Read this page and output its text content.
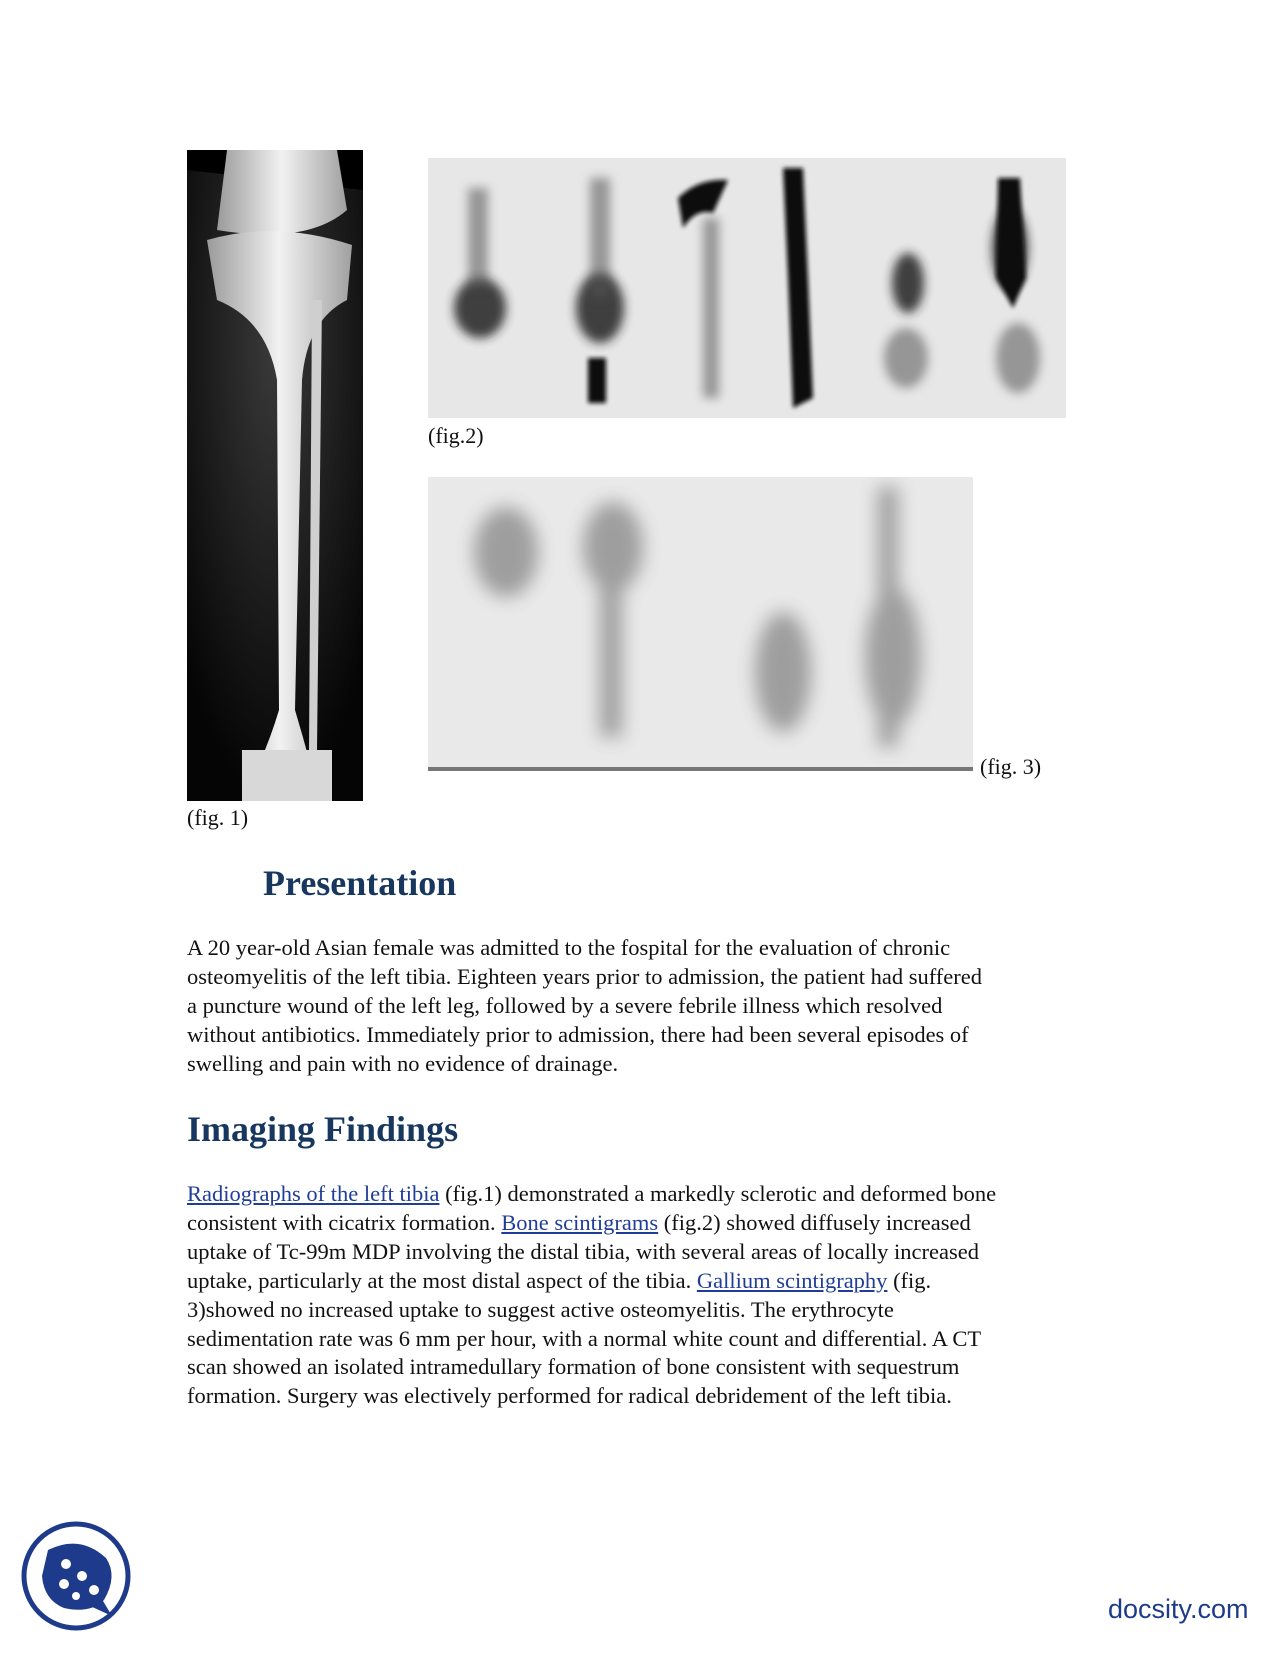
(fig. 1)
(fig.2)
(fig. 3)
Presentation
A 20 year-old Asian female was admitted to the fospital for the evaluation of chronic
osteomyelitis of the left tibia. Eighteen years prior to admission, the patient had suffered
a puncture wound of the left leg, followed by a severe febrile illness which resolved
without antibiotics. Immediately prior to admission, there had been several episodes of
swelling and pain with no evidence of drainage.
Imaging Findings
Radiographs of the left tibia (fig.1) demonstrated a markedly sclerotic and deformed bone
consistent with cicatrix formation. Bone scintigrams (fig.2) showed diffusely increased
uptake of Tc-99m MDP involving the distal tibia, with several areas of locally increased
uptake, particularly at the most distal aspect of the tibia. Gallium scintigraphy (fig.
3)showed no increased uptake to suggest active osteomyelitis. The erythrocyte
sedimentation rate was 6 mm per hour, with a normal white count and differential. A CT
scan showed an isolated intramedullary formation of bone consistent with sequestrum
formation. Surgery was electively performed for radical debridement of the left tibia.
docsity.com
